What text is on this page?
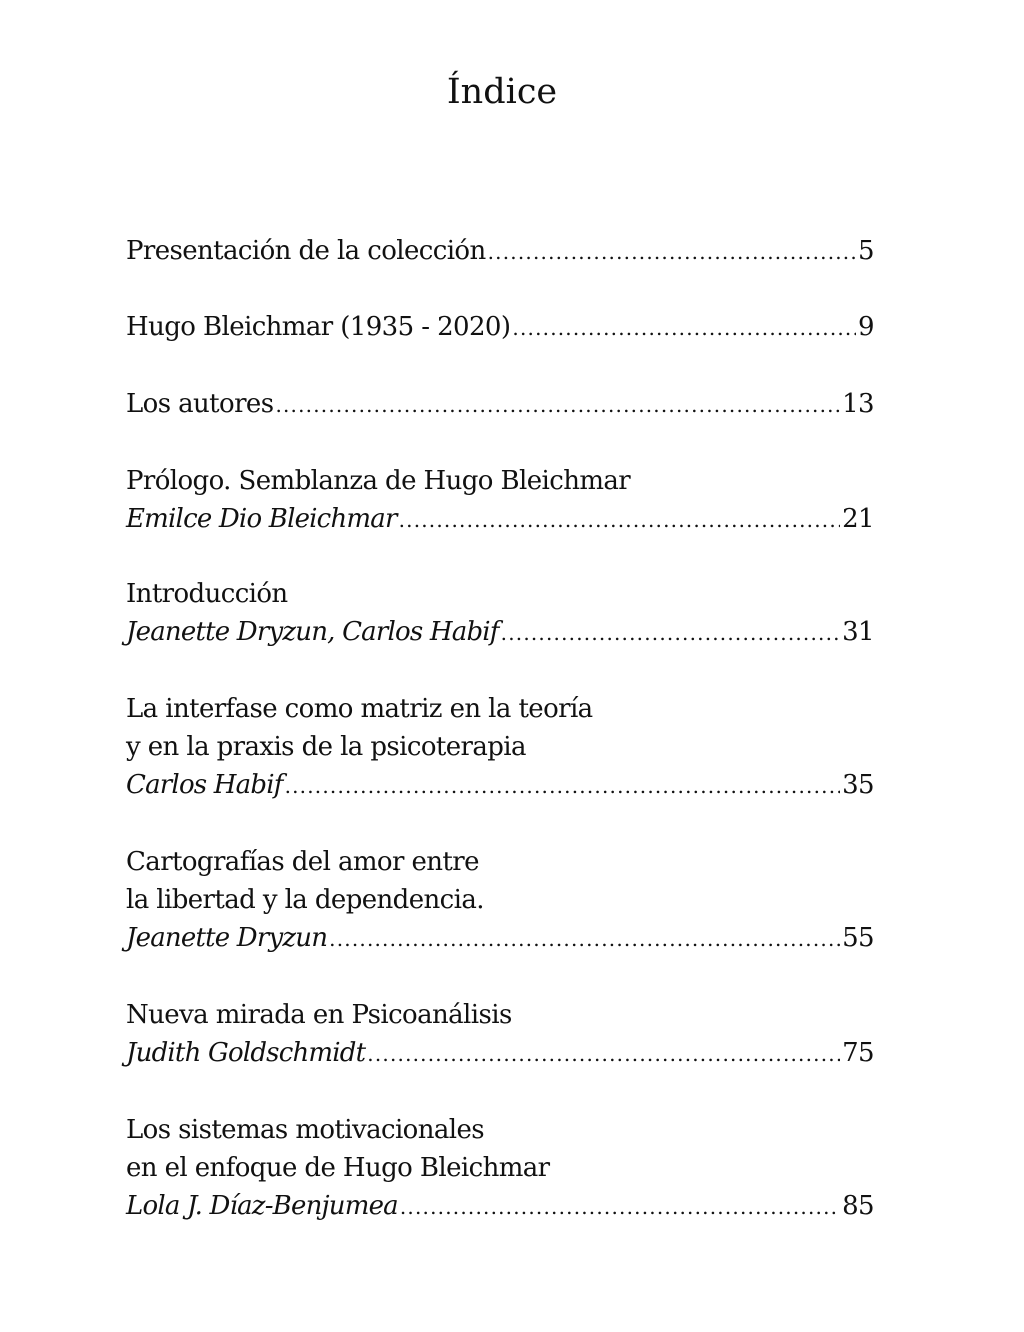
Índice
Presentación de la colección .....	5
Hugo Bleichmar (1935 - 2020) .....	9
Los autores .....	13
Prólogo. Semblanza de Hugo Bleichmar
Emilce Dio Bleichmar .....	21
Introducción
Jeanette Dryzun, Carlos Habif .....	31
La interfase como matriz en la teoría
y en la praxis de la psicoterapia
Carlos Habif .....	35
Cartografías del amor entre
la libertad y la dependencia.
Jeanette Dryzun .....	55
Nueva mirada en Psicoanálisis
Judith Goldschmidt .....	75
Los sistemas motivacionales
en el enfoque de Hugo Bleichmar
Lola J. Díaz-Benjumea .....	85
